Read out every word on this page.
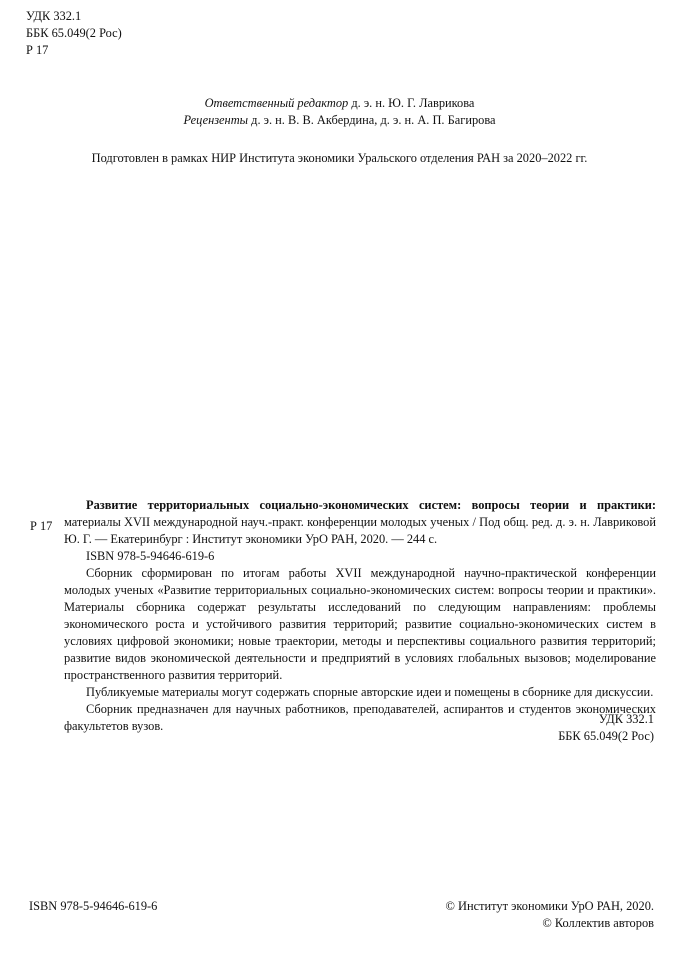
УДК 332.1
ББК 65.049(2 Рос)
Р 17
Ответственный редактор д. э. н. Ю. Г. Лаврикова
Рецензенты д. э. н. В. В. Акбердина, д. э. н. А. П. Багирова
Подготовлен в рамках НИР Института экономики Уральского отделения РАН за 2020–2022 гг.
Р 17

Развитие территориальных социально-экономических систем: вопросы теории и практики: материалы XVII международной науч.-практ. конференции молодых ученых / Под общ. ред. д. э. н. Лавриковой Ю. Г. — Екатеринбург : Институт экономики УрО РАН, 2020. — 244 с.

ISBN 978-5-94646-619-6

Сборник сформирован по итогам работы XVII международной научно-практической конференции молодых ученых «Развитие территориальных социально-экономических систем: вопросы теории и практики». Материалы сборника содержат результаты исследований по следующим направлениям: проблемы экономического роста и устойчивого развития территорий; развитие социально-экономических систем в условиях цифровой экономики; новые траектории, методы и перспективы социального развития территорий; развитие видов экономической деятельности и предприятий в условиях глобальных вызовов; моделирование пространственного развития территорий.

Публикуемые материалы могут содержать спорные авторские идеи и помещены в сборнике для дискуссии.

Сборник предназначен для научных работников, преподавателей, аспирантов и студентов экономических факультетов вузов.	УДК 332.1
ББК 65.049(2 Рос)
ISBN 978-5-94646-619-6	© Институт экономики УрО РАН, 2020.
© Коллектив авторов
